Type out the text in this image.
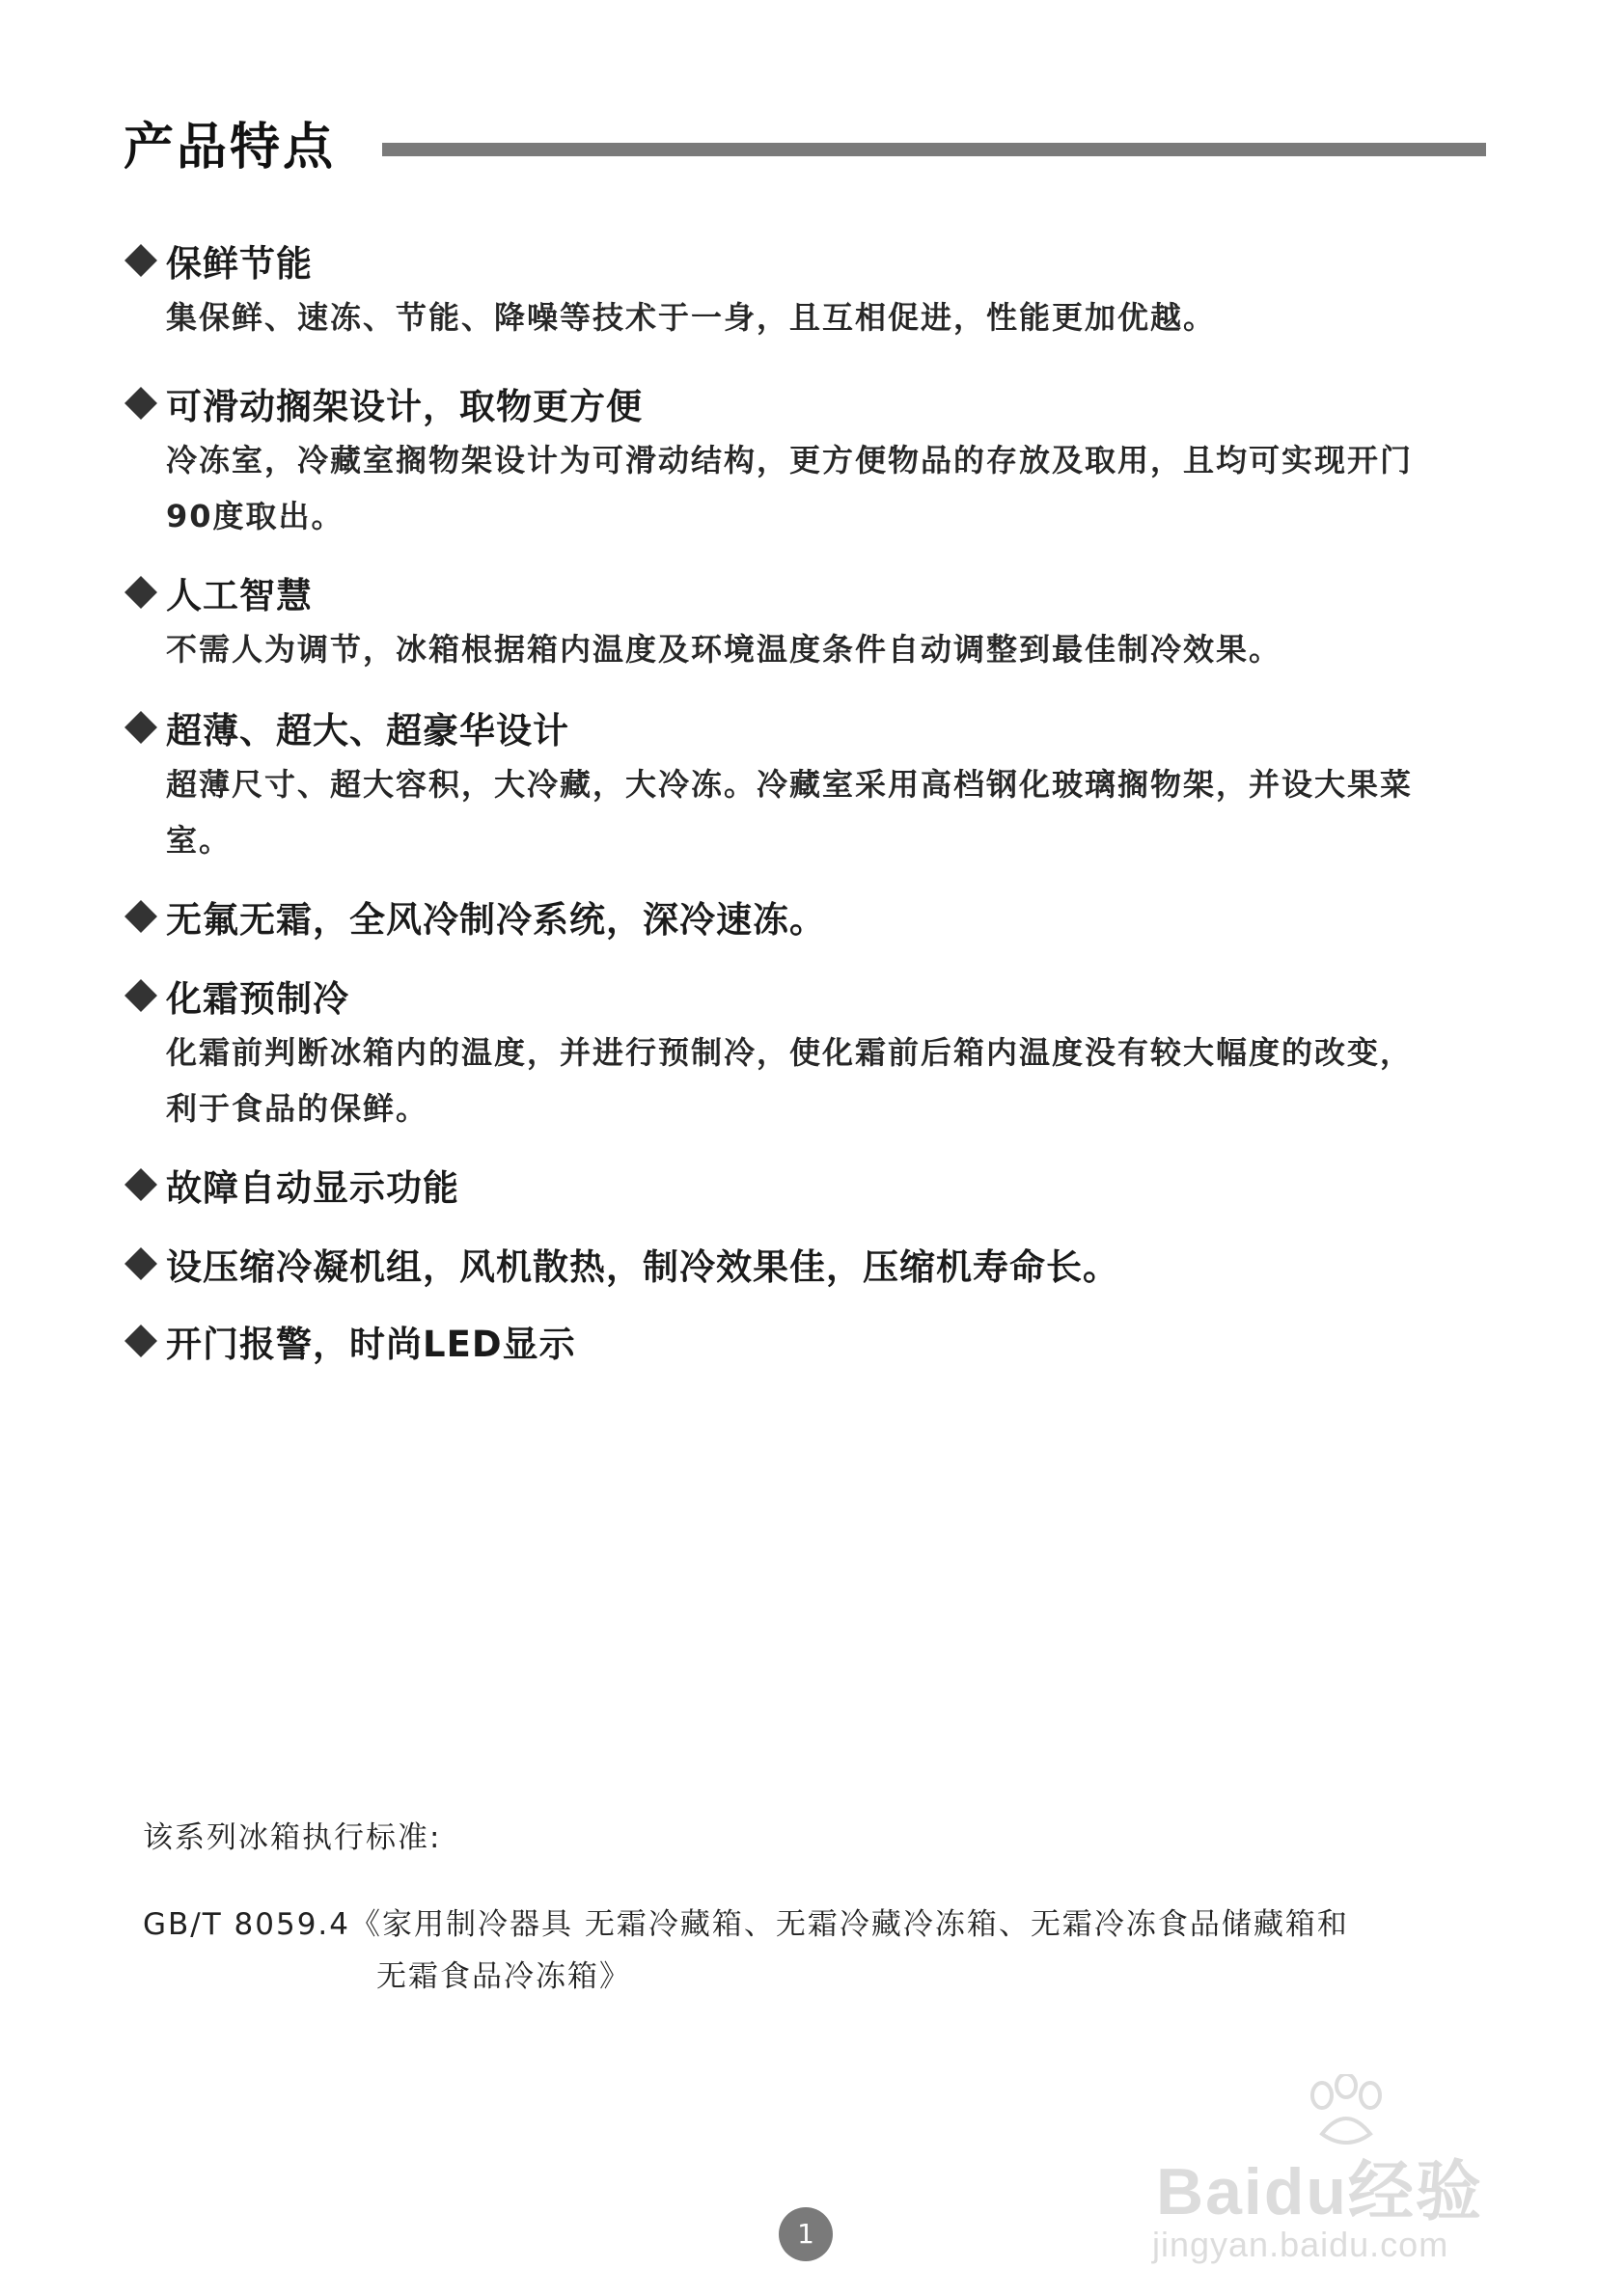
产品特点
保鲜节能
集保鲜、速冻、节能、降噪等技术于一身，且互相促进，性能更加优越。
可滑动搁架设计，取物更方便
冷冻室，冷藏室搁物架设计为可滑动结构，更方便物品的存放及取用，且均可实现开门
90度取出。
人工智慧
不需人为调节，冰箱根据箱内温度及环境温度条件自动调整到最佳制冷效果。
超薄、超大、超豪华设计
超薄尺寸、超大容积，大冷藏，大冷冻。冷藏室采用高档钢化玻璃搁物架，并设大果菜
室。
无氟无霜，全风冷制冷系统，深冷速冻。
化霜预制冷
化霜前判断冰箱内的温度，并进行预制冷，使化霜前后箱内温度没有较大幅度的改变，
利于食品的保鲜。
故障自动显示功能
设压缩冷凝机组，风机散热，制冷效果佳，压缩机寿命长。
开门报警，时尚LED显示
该系列冰箱执行标准:
GB/T 8059.4《家用制冷器具 无霜冷藏箱、无霜冷藏冷冻箱、无霜冷冻食品储藏箱和
无霜食品冷冻箱》
Baidu经验
jingyan.baidu.com
1
